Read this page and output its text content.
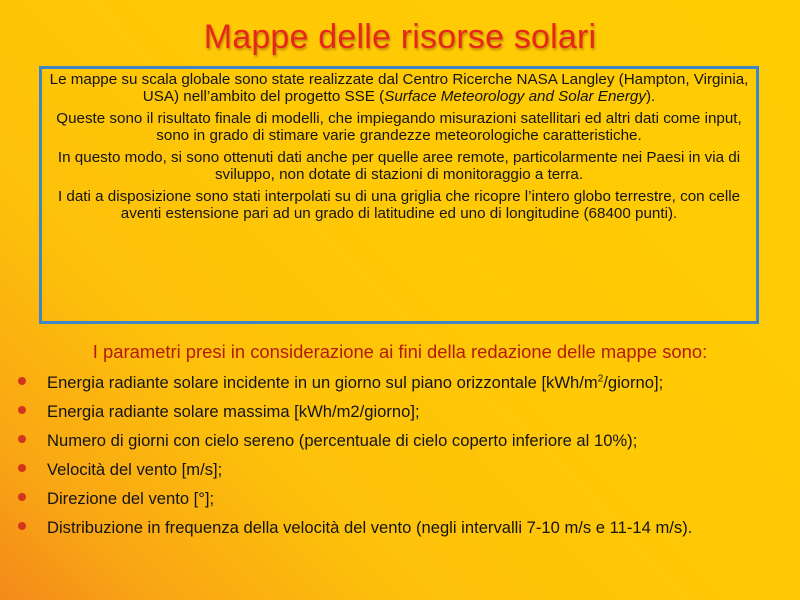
Mappe delle risorse solari

Le mappe su scala globale sono state realizzate dal Centro Ricerche NASA Langley (Hampton, Virginia, USA) nell’ambito del progetto SSE (Surface Meteorology and Solar Energy).

Queste sono il risultato finale di modelli, che impiegando misurazioni satellitari ed altri dati come input, sono in grado di stimare varie grandezze meteorologiche caratteristiche.

In questo modo, si sono ottenuti dati anche per quelle aree remote, particolarmente nei Paesi in via di sviluppo, non dotate di stazioni di monitoraggio a terra.

I dati a disposizione sono stati interpolati su di una griglia che ricopre l’intero globo terrestre, con celle aventi estensione pari ad un grado di latitudine ed uno di longitudine (68400 punti).

I parametri presi in considerazione ai fini della redazione delle mappe sono:

Energia radiante solare incidente in un giorno sul piano orizzontale $[kWh/m^2/giorno]$;
Energia radiante solare massima [kWh/m2/giorno];
Numero di giorni con cielo sereno (percentuale di cielo coperto inferiore al 10%);
Velocità del vento [m/s];
Direzione del vento [°];
Distribuzione in frequenza della velocità del vento (negli intervalli 7-10 m/s e 11-14 m/s).
